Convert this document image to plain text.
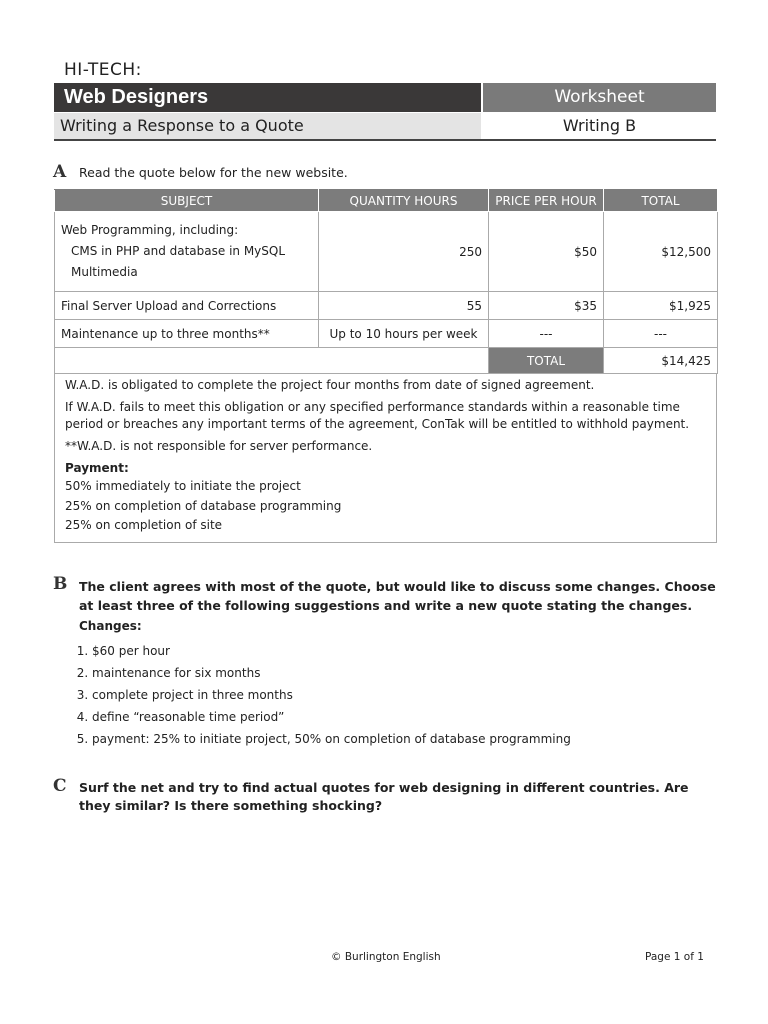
HI-TECH:
Web Designers	Worksheet
Writing a Response to a Quote	Writing B
A Read the quote below for the new website.
SUBJECT	QUANTITY HOURS	PRICE PER HOUR	TOTAL

Web Programming, including:
CMS in PHP and database in MySQL
Multimedia	250	$50	$12,500
Final Server Upload and Corrections	55	$35	$1,925
Maintenance up to three months**	Up to 10 hours per week	---	---
		TOTAL	$14,425

W.A.D. is obligated to complete the project four months from date of signed agreement.

If W.A.D. fails to meet this obligation or any specified performance standards within a reasonable time period or breaches any important terms of the agreement, ConTak will be entitled to withhold payment.

**W.A.D. is not responsible for server performance.

Payment:

50% immediately to initiate the project

25% on completion of database programming

25% on completion of site

B The client agrees with most of the quote, but would like to discuss some changes. Choose at least three of the following suggestions and write a new quote stating the changes.
Changes:
1. $60 per hour
2. maintenance for six months
3. complete project in three months
4. define “reasonable time period”
5. payment: 25% to initiate project, 50% on completion of database programming
C Surf the net and try to find actual quotes for web designing in different countries. Are they similar? Is there something shocking?
© Burlington English	Page 1 of 1
